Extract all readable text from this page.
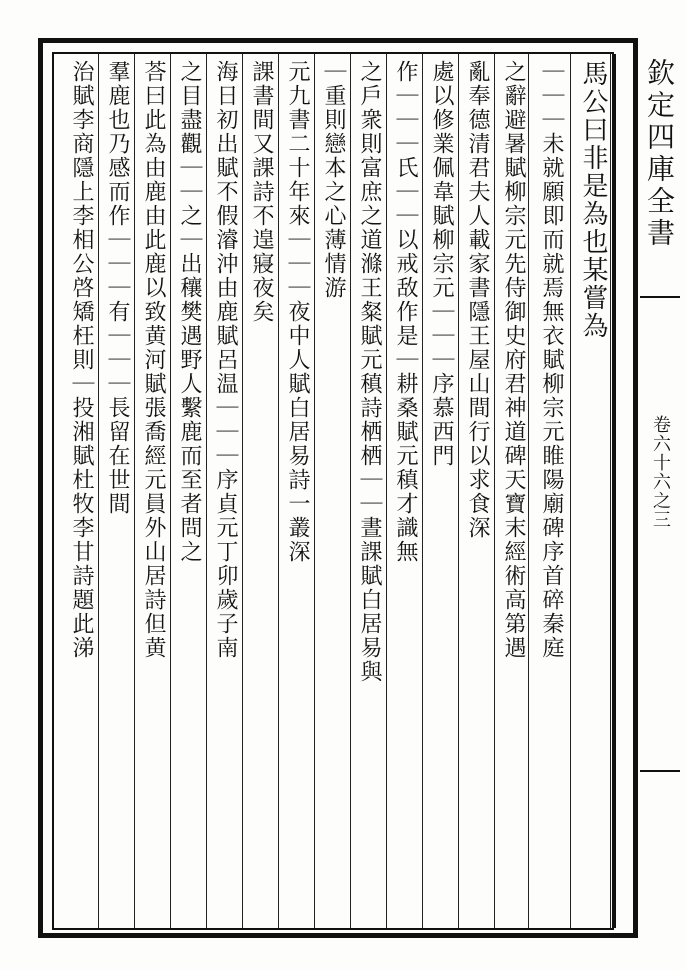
欽定四庫全書
卷六十六之三
馬公曰非是為也某嘗為
｜｜｜未就願即而就焉無衣賦柳宗元睢陽廟碑序首碎秦庭
之辭避暑賦柳宗元先侍御史府君神道碑天寶末經術高第遇
亂奉德清君夫人載家書隱王屋山間行以求食深
處以修業佩韋賦柳宗元｜｜｜序慕西門
作｜｜｜氏｜｜以戒敌作是｜耕桑賦元稹才識無
之戶衆則富庶之道滌王粲賦元稹詩栖栖｜｜晝課賦白居易與
｜重則戀本之心薄情游
元九書二十年來｜｜｜夜中人賦白居易詩一叢深
課書間又課詩不遑寢夜矣
海日初出賦不假濬沖由鹿賦呂温｜｜｜序貞元丁卯歲子南
之目盡觀｜｜之｜出穰樊遇野人繫鹿而至者問之
荅曰此為由鹿由此鹿以致黄河賦張喬經元員外山居詩但黄
羣鹿也乃感而作｜｜｜有｜｜｜長留在世間
治賦李商隱上李相公啓矯枉則｜投湘賦杜牧李甘詩題此涕
